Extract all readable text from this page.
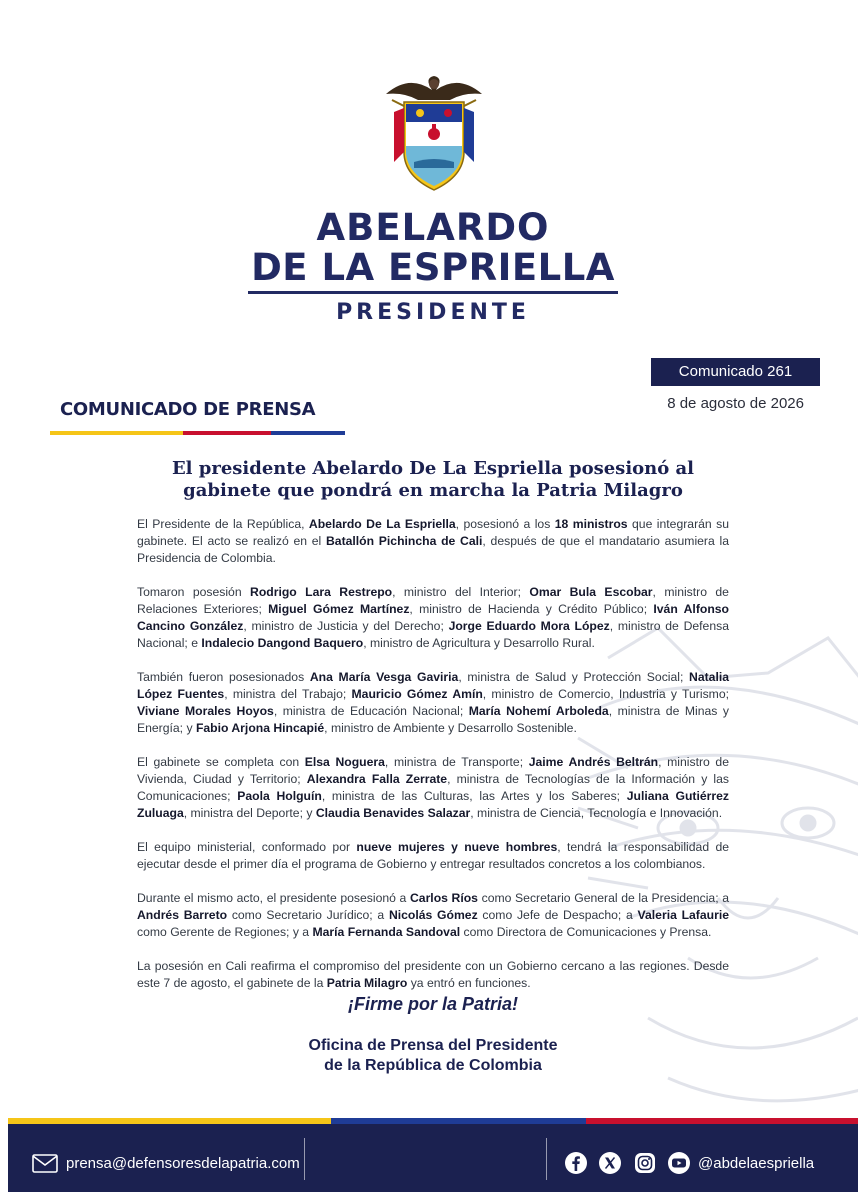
ABELARDO
DE LA ESPRIELLA
PRESIDENTE
Comunicado 261
8 de agosto de 2026
COMUNICADO DE PRENSA
El presidente Abelardo De La Espriella posesionó al
gabinete que pondrá en marcha la Patria Milagro

El Presidente de la República, Abelardo De La Espriella, posesionó a los 18 ministros que integrarán su gabinete. El acto se realizó en el Batallón Pichincha de Cali, después de que el mandatario asumiera la Presidencia de Colombia.

Tomaron posesión Rodrigo Lara Restrepo, ministro del Interior; Omar Bula Escobar, ministro de Relaciones Exteriores; Miguel Gómez Martínez, ministro de Hacienda y Crédito Público; Iván Alfonso Cancino González, ministro de Justicia y del Derecho; Jorge Eduardo Mora López, ministro de Defensa Nacional; e Indalecio Dangond Baquero, ministro de Agricultura y Desarrollo Rural.

También fueron posesionados Ana María Vesga Gaviria, ministra de Salud y Protección Social; Natalia López Fuentes, ministra del Trabajo; Mauricio Gómez Amín, ministro de Comercio, Industria y Turismo; Viviane Morales Hoyos, ministra de Educación Nacional; María Nohemí Arboleda, ministra de Minas y Energía; y Fabio Arjona Hincapié, ministro de Ambiente y Desarrollo Sostenible.

El gabinete se completa con Elsa Noguera, ministra de Transporte; Jaime Andrés Beltrán, ministro de Vivienda, Ciudad y Territorio; Alexandra Falla Zerrate, ministra de Tecnologías de la Información y las Comunicaciones; Paola Holguín, ministra de las Culturas, las Artes y los Saberes; Juliana Gutiérrez Zuluaga, ministra del Deporte; y Claudia Benavides Salazar, ministra de Ciencia, Tecnología e Innovación.

El equipo ministerial, conformado por nueve mujeres y nueve hombres, tendrá la responsabilidad de ejecutar desde el primer día el programa de Gobierno y entregar resultados concretos a los colombianos.

Durante el mismo acto, el presidente posesionó a Carlos Ríos como Secretario General de la Presidencia; a Andrés Barreto como Secretario Jurídico; a Nicolás Gómez como Jefe de Despacho; a Valeria Lafaurie como Gerente de Regiones; y a María Fernanda Sandoval como Directora de Comunicaciones y Prensa.

La posesión en Cali reafirma el compromiso del presidente con un Gobierno cercano a las regiones. Desde este 7 de agosto, el gabinete de la Patria Milagro ya entró en funciones.

¡Firme por la Patria!
Oficina de Prensa del Presidente
de la República de Colombia
prensa@defensoresdelapatria.com	@abdelaespriella
